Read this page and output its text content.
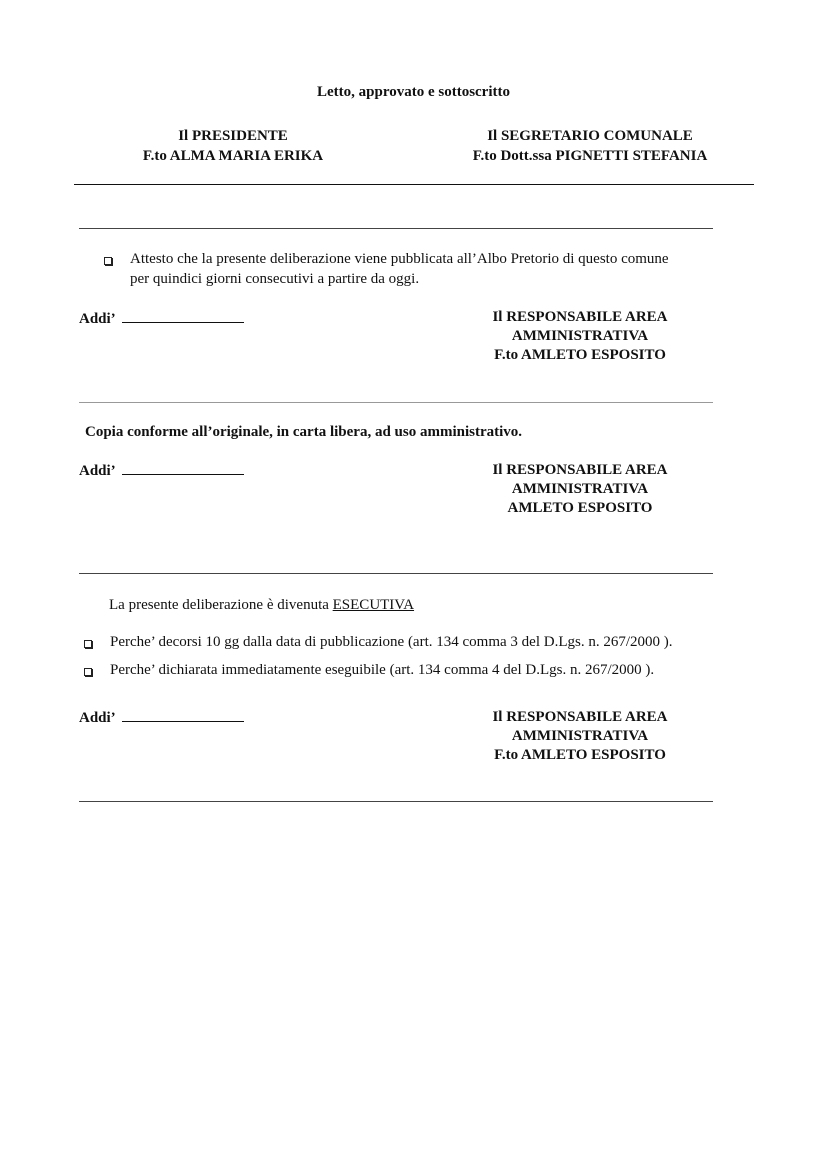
Letto, approvato e sottoscritto
Il PRESIDENTE
F.to ALMA MARIA ERIKA
Il SEGRETARIO COMUNALE
F.to Dott.ssa PIGNETTI STEFANIA
Attesto che la presente deliberazione viene pubblicata all’Albo Pretorio di questo comune
per quindici giorni consecutivi a partire da oggi.
Addi’	Il RESPONSABILE AREA
AMMINISTRATIVA
F.to AMLETO ESPOSITO
Copia conforme all’originale, in carta libera, ad uso amministrativo.
Addi’	Il RESPONSABILE AREA
AMMINISTRATIVA
AMLETO ESPOSITO
La presente deliberazione è divenuta ESECUTIVA
Perche’ decorsi 10 gg dalla data di pubblicazione (art. 134 comma 3 del D.Lgs. n. 267/2000 ).
Perche’ dichiarata immediatamente eseguibile (art. 134 comma 4 del D.Lgs. n. 267/2000 ).
Addi’	Il RESPONSABILE AREA
AMMINISTRATIVA
F.to AMLETO ESPOSITO
